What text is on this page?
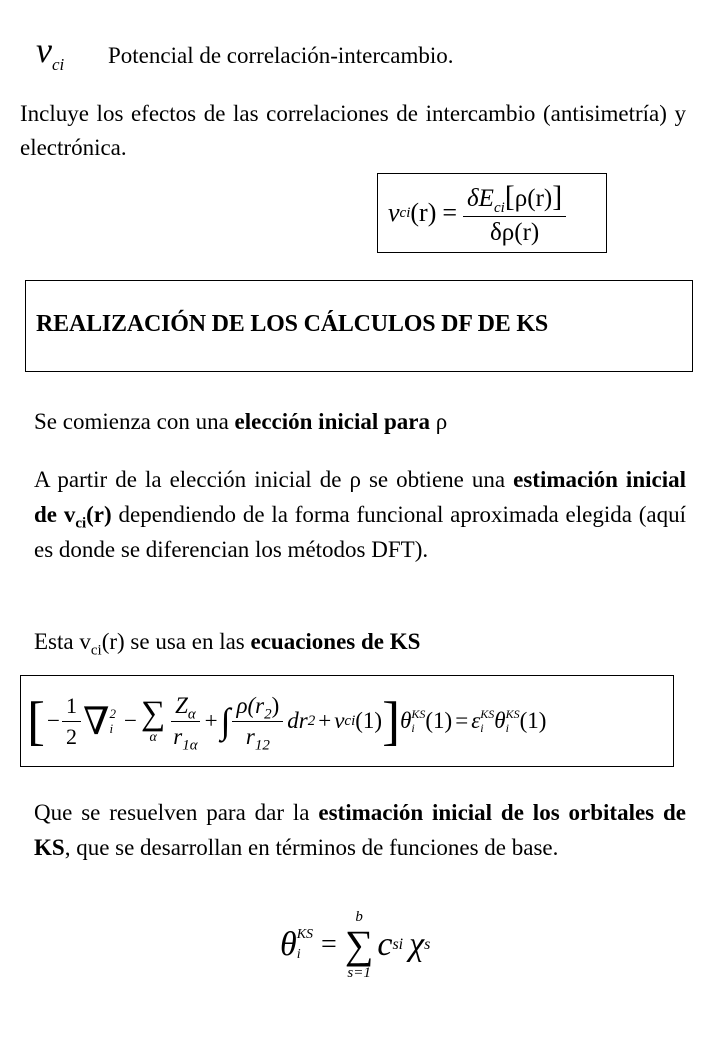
$v_{ci}$ Potencial de correlación-intercambio.
Incluye los efectos de las correlaciones de intercambio (antisimetría) y electrónica.
v ci $(r) = \frac{\delta E_{ci}[\rho(r)]}{\delta\rho(r)}$
REALIZACIÓN DE LOS CÁLCULOS DF DE KS
Se comienza con una elección inicial para ρ
A partir de la elección inicial de ρ se obtiene una estimación inicial de $v_{ci}(r)$ dependiendo de la forma funcional aproximada elegida (aquí es donde se diferencian los métodos DFT).
Esta $v_{ci}(r)$ se usa en las ecuaciones de KS
[ − $\frac{1}{2}$ ∇ 2
i − ∑
α $\frac{Z_\alpha}{r_{1\alpha}}$ + ∫ $\frac{\rho(r_2)}{r_{12}}$ dr 2 + v ci (1) ] θ KS
i (1) = ε KS
i θ KS
i (1)
Que se resuelven para dar la estimación inicial de los orbitales de KS, que se desarrollan en términos de funciones de base.
θ KS
i =
b
∑
s=1
c si χ s
